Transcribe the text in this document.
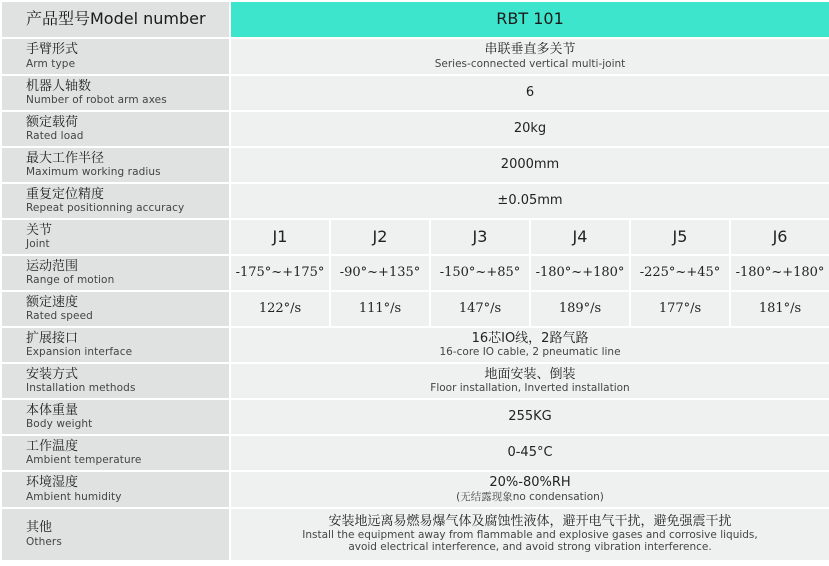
产品型号Model number	RBT 101					

手臂形式
Arm type	串联垂直多关节
Series-connected vertical multi-joint					

机器人轴数
Number of robot arm axes	6					

额定载荷
Rated load	20kg					

最大工作半径
Maximum working radius	2000mm					

重复定位精度
Repeat positionning accuracy	±0.05mm					

关节
Joint	J1	J2	J3	J4	J5	J6

运动范围
Range of motion	-175°~+175°	-90°~+135°	-150°~+85°	-180°~+180°	-225°~+45°	-180°~+180°

额定速度
Rated speed	122°/s	111°/s	147°/s	189°/s	177°/s	181°/s

扩展接口
Expansion interface	16芯IO线，2路气路
16-core IO cable, 2 pneumatic line					

安装方式
Installation methods	地面安装、倒装
Floor installation, Inverted installation					

本体重量
Body weight	255KG					

工作温度
Ambient temperature	0-45°C					

环境湿度
Ambient humidity	20%-80%RH
(无结露现象no condensation)					

其他
Others	安装地远离易燃易爆气体及腐蚀性液体，避开电气干扰，避免强震干扰
Install the equipment away from flammable and explosive gases and corrosive liquids,
avoid electrical interference, and avoid strong vibration interference.					
